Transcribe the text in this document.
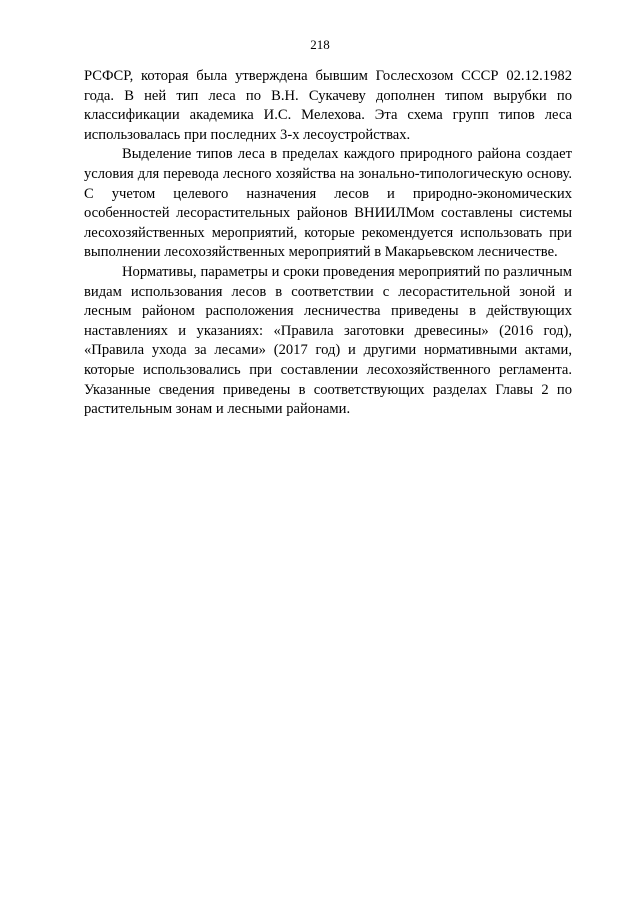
218

РСФСР, которая была утверждена бывшим Гослесхозом СССР 02.12.1982 года. В ней тип леса по В.Н. Сукачеву дополнен типом вырубки по классификации академика И.С. Мелехова. Эта схема групп типов леса использовалась при последних 3-х лесоустройствах.

Выделение типов леса в пределах каждого природного района создает условия для перевода лесного хозяйства на зонально-типологическую основу. С учетом целевого назначения лесов и природно-экономических особенностей лесорастительных районов ВНИИЛМом составлены системы лесохозяйственных мероприятий, которые рекомендуется использовать при выполнении лесохозяйственных мероприятий в Макарьевском лесничестве.

Нормативы, параметры и сроки проведения мероприятий по различным видам использования лесов в соответствии с лесорастительной зоной и лесным районом расположения лесничества приведены в действующих наставлениях и указаниях: «Правила заготовки древесины» (2016 год), «Правила ухода за лесами» (2017 год) и другими нормативными актами, которые использовались при составлении лесохозяйственного регламента. Указанные сведения приведены в соответствующих разделах Главы 2 по растительным зонам и лесными районами.
